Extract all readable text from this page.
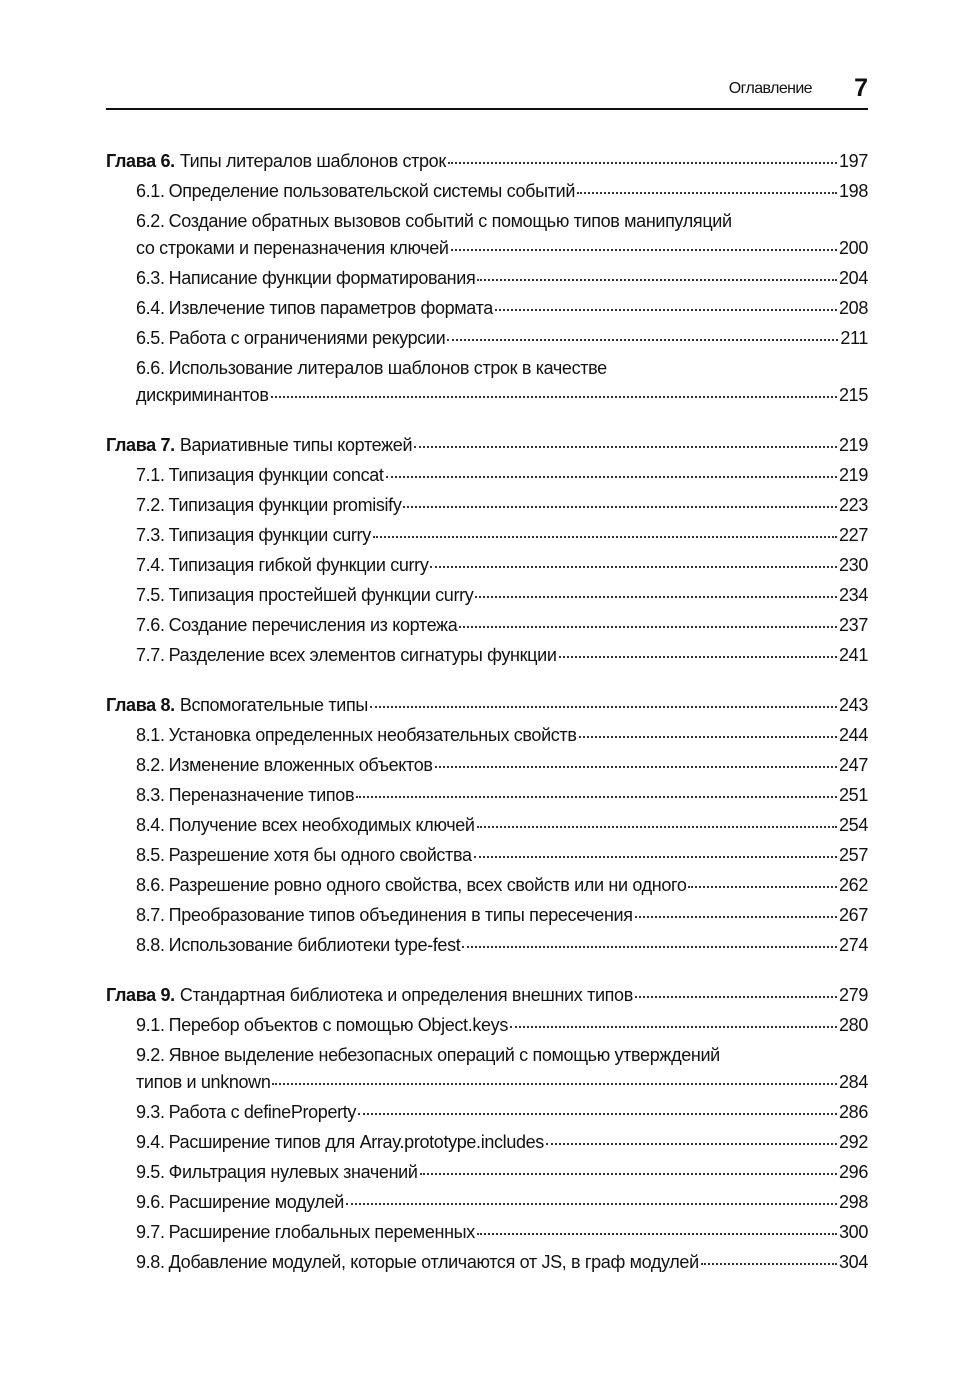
Оглавление 7
Глава 6. Типы литералов шаблонов строк	197
6.1. Определение пользовательской системы событий	198
6.2. Создание обратных вызовов событий с помощью типов манипуляций
со строками и переназначения ключей	200
6.3. Написание функции форматирования	204
6.4. Извлечение типов параметров формата	208
6.5. Работа с ограничениями рекурсии	211
6.6. Использование литералов шаблонов строк в качестве
дискриминантов	215
Глава 7. Вариативные типы кортежей	219
7.1. Типизация функции concat	219
7.2. Типизация функции promisify	223
7.3. Типизация функции curry	227
7.4. Типизация гибкой функции curry	230
7.5. Типизация простейшей функции curry	234
7.6. Создание перечисления из кортежа	237
7.7. Разделение всех элементов сигнатуры функции	241
Глава 8. Вспомогательные типы	243
8.1. Установка определенных необязательных свойств	244
8.2. Изменение вложенных объектов	247
8.3. Переназначение типов	251
8.4. Получение всех необходимых ключей	254
8.5. Разрешение хотя бы одного свойства	257
8.6. Разрешение ровно одного свойства, всех свойств или ни одного	262
8.7. Преобразование типов объединения в типы пересечения	267
8.8. Использование библиотеки type-fest	274
Глава 9. Стандартная библиотека и определения внешних типов	279
9.1. Перебор объектов с помощью Object.keys	280
9.2. Явное выделение небезопасных операций с помощью утверждений
типов и unknown	284
9.3. Работа с defineProperty	286
9.4. Расширение типов для Array.prototype.includes	292
9.5. Фильтрация нулевых значений	296
9.6. Расширение модулей	298
9.7. Расширение глобальных переменных	300
9.8. Добавление модулей, которые отличаются от JS, в граф модулей	304
